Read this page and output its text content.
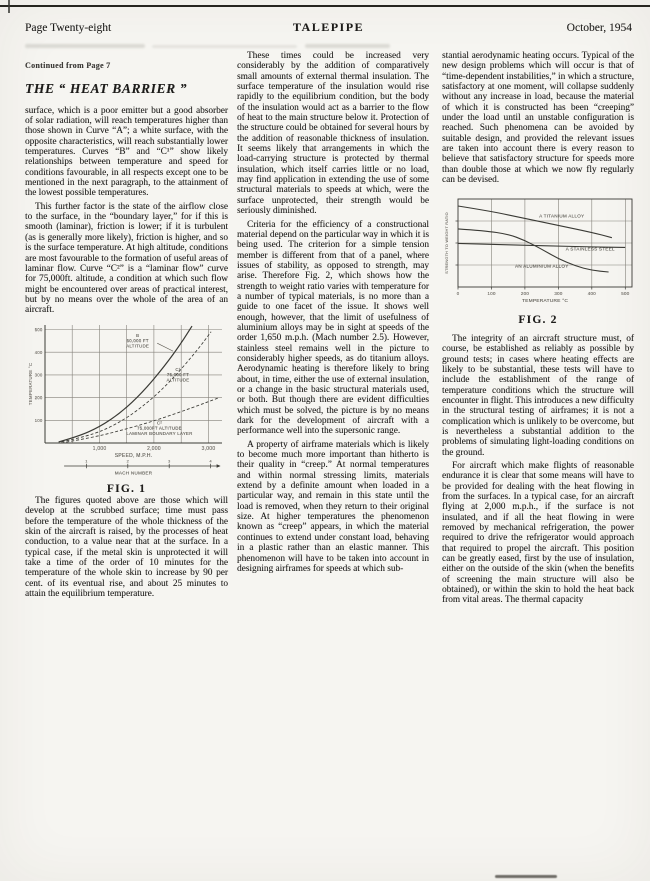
Page Twenty-eight	TALEPIPE	October, 1954
Continued from Page 7
THE “ HEAT BARRIER ”

surface, which is a poor emitter but a good absorber of solar radiation, will reach temperatures higher than those shown in Curve “A”; a white surface, with the opposite characteristics, will reach substantially lower temperatures. Curves “B” and “C¹” show likely relationships between temperature and speed for conditions favourable, in all respects except one to be mentioned in the next paragraph, to the attainment of the lowest possible temperatures.

This further factor is the state of the airflow close to the surface, in the “boundary layer,” for if this is smooth (laminar), friction is lower; if it is turbulent (as is generally more likely), friction is higher, and so is the surface temperature. At high altitude, conditions are most favourable to the formation of useful areas of laminar flow. Curve “C²” is a “laminar flow” curve for 75,000ft. altitude, a condition at which such flow might be encountered over areas of practical interest, but by no means over the whole of the area of an aircraft.

100
200
300
400
500
1,000	2,000	3,000
SPEED, M.P.H.
TEMPERATURE °C
1	2	3	4
MACH NUMBER
B
50,000 FT
ALTITUDE
C¹
75,000 FT
ALTITUDE
C²
75,000FT ALTITUDE
LAMINAR BOUNDARY LAYER
FIG. 1

The figures quoted above are those which will develop at the scrubbed surface; time must pass before the temperature of the whole thickness of the skin of the aircraft is raised, by the processes of heat conduction, to a value near that at the surface. In a typical case, if the metal skin is unprotected it will take a time of the order of 10 minutes for the temperature of the whole skin to increase by 90 per cent. of its eventual rise, and about 25 minutes to attain the equilibrium temperature.

These times could be increased very considerably by the addition of comparatively small amounts of external thermal insulation. The surface temperature of the insulation would rise rapidly to the equilibrium condition, but the body of the insulation would act as a barrier to the flow of heat to the main structure below it. Protection of the structure could be obtained for several hours by the addition of reasonable thickness of insulation. It seems likely that arrangements in which the load-carrying structure is protected by thermal insulation, which itself carries little or no load, may find application in extending the use of some structural materials to speeds at which, were the surface unprotected, their strength would be seriously diminished.

Criteria for the efficiency of a constructional material depend on the particular way in which it is being used. The criterion for a simple tension member is different from that of a panel, where issues of stability, as opposed to strength, may arise. Therefore Fig. 2, which shows how the strength to weight ratio varies with temperature for a number of typical materials, is no more than a guide to one facet of the issue. It shows well enough, however, that the limit of usefulness of aluminium alloys may be in sight at speeds of the order 1,650 m.p.h. (Mach number 2.5). However, stainless steel remains well in the picture to considerably higher speeds, as do titanium alloys. Aerodynamic heating is therefore likely to bring about, in time, either the use of external insulation, or a change in the basic structural materials used, or both. But though there are evident difficulties which must be solved, the picture is by no means dark for the development of aircraft with a performance well into the supersonic range.

A property of airframe materials which is likely to become much more important than hitherto is their quality in “creep.” At normal temperatures and within normal stressing limits, materials extend by a definite amount when loaded in a particular way, and remain in this state until the load is removed, when they return to their original size. At higher temperatures the phenomenon known as “creep” appears, in which the material continues to extend under constant load, behaving in a plastic rather than an elastic manner. This phenomenon will have to be taken into account in designing airframes for speeds at which sub-

stantial aerodynamic heating occurs. Typical of the new design problems which will occur is that of “time-dependent instabilities,” in which a structure, satisfactory at one moment, will collapse suddenly without any increase in load, because the material of which it is constructed has been “creeping” under the load until an unstable configuration is reached. Such phenomena can be avoided by suitable design, and provided the relevant issues are taken into account there is every reason to believe that satisfactory structure for speeds more than double those at which we now fly regularly can be devised.

0	100	200	300	400	500
TEMPERATURE °C
STRENGTH TO WEIGHT RATIO	A TITANIUM ALLOY
A STAINLESS STEEL
AN ALUMINIUM ALLOY
FIG. 2

The integrity of an aircraft structure must, of course, be established as reliably as possible by ground tests; in cases where heating effects are likely to be substantial, these tests will have to include the establishment of the range of temperature conditions which the structure will encounter in flight. This introduces a new difficulty in the structural testing of airframes; it is not a complication which is unlikely to be overcome, but is nevertheless a substantial addition to the problems of simulating light-loading conditions on the ground.

For aircraft which make flights of reasonable endurance it is clear that some means will have to be provided for dealing with the heat flowing in from the surfaces. In a typical case, for an aircraft flying at 2,000 m.p.h., if the surface is not insulated, and if all the heat flowing in were removed by mechanical refrigeration, the power required to drive the refrigerator would approach that required to propel the aircraft. This position can be greatly eased, first by the use of insulation, either on the outside of the skin (when the benefits of screening the main structure will also be obtained), or within the skin to hold the heat back from vital areas. The thermal capacity
